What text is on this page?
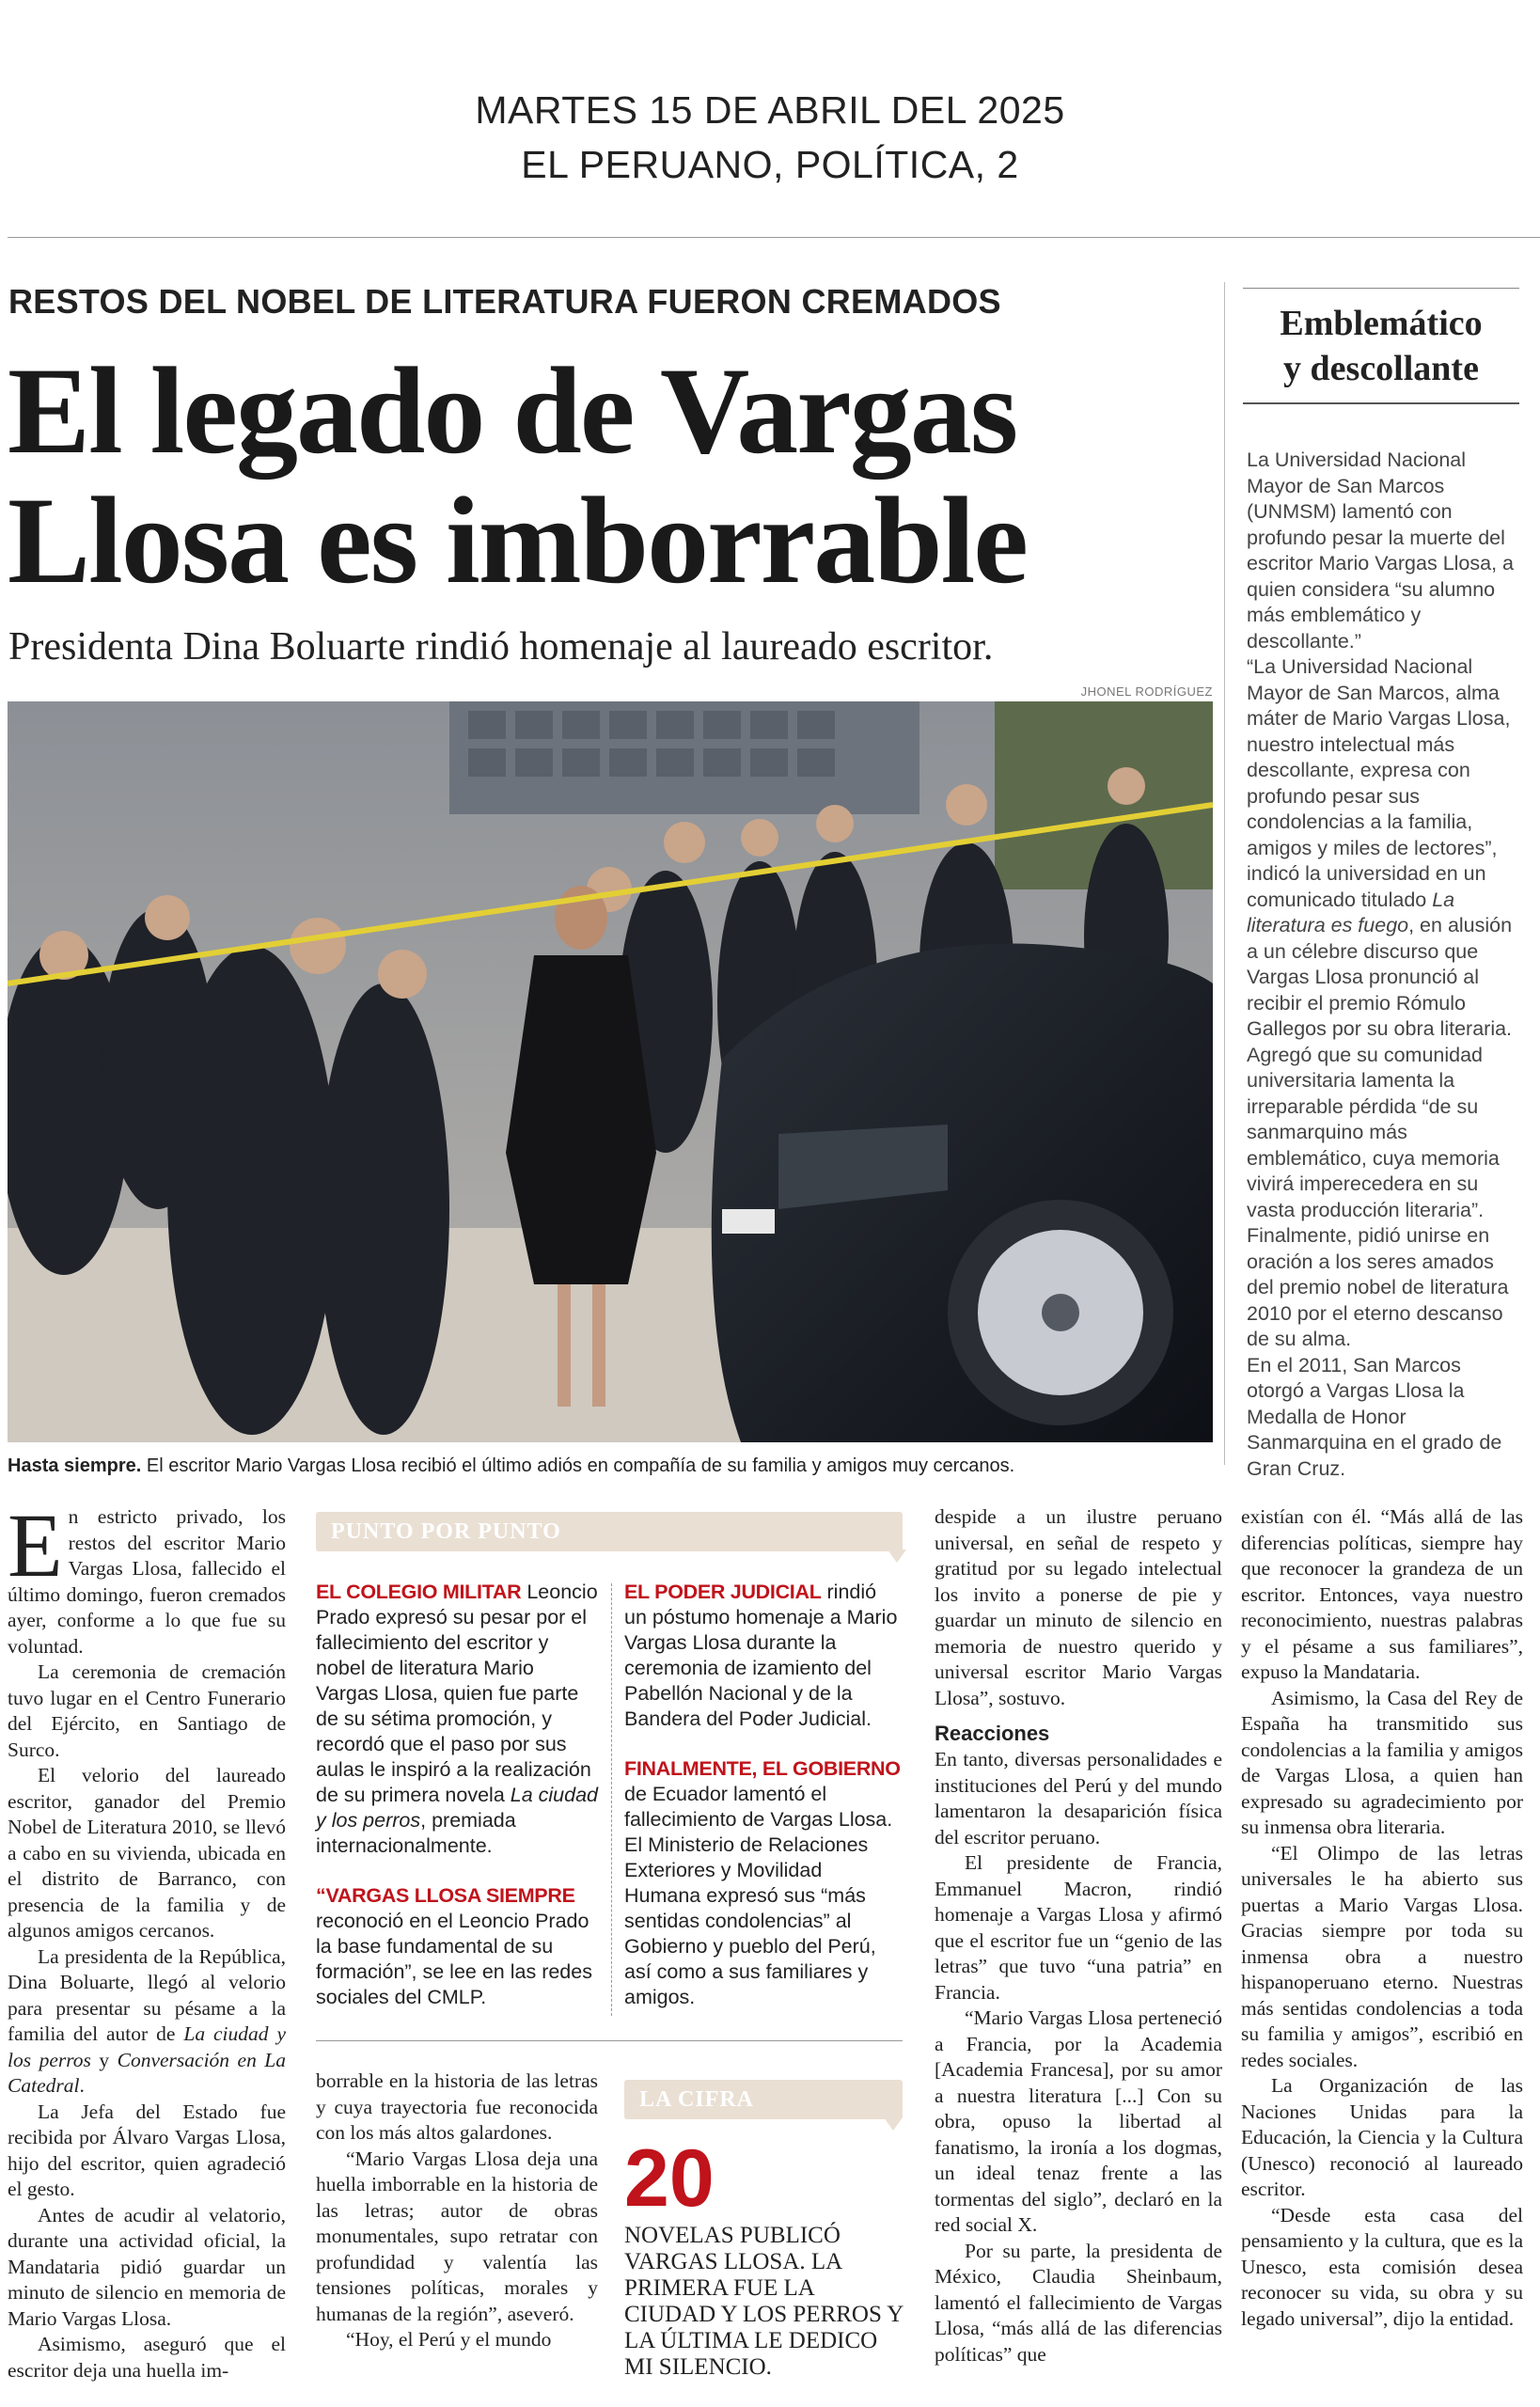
MARTES 15 DE ABRIL DEL 2025
EL PERUANO, POLÍTICA, 2
RESTOS DEL NOBEL DE LITERATURA FUERON CREMADOS
El legado de Vargas
Llosa es imborrable
Presidenta Dina Boluarte rindió homenaje al laureado escritor.
JHONEL RODRÍGUEZ
Hasta siempre. El escritor Mario Vargas Llosa recibió el último adiós en compañía de su familia y amigos muy cercanos.
Emblemático
y descollante

La Universidad Nacional Mayor de San Marcos (UNMSM) lamentó con profundo pesar la muerte del escritor Mario Vargas Llosa, a quien considera “su alumno más emblemático y descollante.”

“La Universidad Nacional Mayor de San Marcos, alma máter de Mario Vargas Llosa, nuestro intelectual más descollante, expresa con profundo pesar sus condolencias a la familia, amigos y miles de lectores”, indicó la universidad en un comunicado titulado La literatura es fuego, en alusión a un célebre discurso que Vargas Llosa pronunció al recibir el premio Rómulo Gallegos por su obra literaria.

Agregó que su comunidad universitaria lamenta la irreparable pérdida “de su sanmarquino más emblemático, cuya memoria vivirá imperecedera en su vasta producción literaria”.

Finalmente, pidió unirse en oración a los seres amados del premio nobel de literatura 2010 por el eterno descanso de su alma.

En el 2011, San Marcos otorgó a Vargas Llosa la Medalla de Honor Sanmarquina en el grado de Gran Cruz.

En estricto privado, los restos del escritor Mario Vargas Llosa, fallecido el último domingo, fueron cremados ayer, conforme a lo que fue su voluntad.

La ceremonia de cremación tuvo lugar en el Centro Funerario del Ejército, en Santiago de Surco.

El velorio del laureado escritor, ganador del Premio Nobel de Literatura 2010, se llevó a cabo en su vivienda, ubicada en el distrito de Barranco, con presencia de la familia y de algunos amigos cercanos.

La presidenta de la República, Dina Boluarte, llegó al velorio para presentar su pésame a la familia del autor de La ciudad y los perros y Conversación en La Catedral.

La Jefa del Estado fue recibida por Álvaro Vargas Llosa, hijo del escritor, quien agradeció el gesto.

Antes de acudir al velatorio, durante una actividad oficial, la Mandataria pidió guardar un minuto de silencio en memoria de Mario Vargas Llosa.

Asimismo, aseguró que el escritor deja una huella im-

PUNTO POR PUNTO

EL COLEGIO MILITAR Leoncio Prado expresó su pesar por el fallecimiento del escritor y nobel de literatura Mario Vargas Llosa, quien fue parte de su sétima promoción, y recordó que el paso por sus aulas le inspiró a la realización de su primera novela La ciudad y los perros, premiada internacionalmente.

“VARGAS LLOSA SIEMPRE reconoció en el Leoncio Prado la base fundamental de su formación”, se lee en las redes sociales del CMLP.

EL PODER JUDICIAL rindió un póstumo homenaje a Mario Vargas Llosa durante la ceremonia de izamiento del Pabellón Nacional y de la Bandera del Poder Judicial.

FINALMENTE, EL GOBIERNO de Ecuador lamentó el fallecimiento de Vargas Llosa. El Ministerio de Relaciones Exteriores y Movilidad Humana expresó sus “más sentidas condolencias” al Gobierno y pueblo del Perú, así como a sus familiares y amigos.

borrable en la historia de las letras y cuya trayectoria fue reconocida con los más altos galardones.

“Mario Vargas Llosa deja una huella imborrable en la historia de las letras; autor de obras monumentales, supo retratar con profundidad y valentía las tensiones políticas, morales y humanas de la región”, aseveró.

“Hoy, el Perú y el mundo

LA CIFRA
20
NOVELAS PUBLICÓ VARGAS LLOSA. LA PRIMERA FUE LA CIUDAD Y LOS PERROS Y LA ÚLTIMA LE DEDICO MI SILENCIO.

despide a un ilustre peruano universal, en señal de respeto y gratitud por su legado intelectual los invito a ponerse de pie y guardar un minuto de silencio en memoria de nuestro querido y universal escritor Mario Vargas Llosa”, sostuvo.

Reacciones

En tanto, diversas personalidades e instituciones del Perú y del mundo lamentaron la desaparición física del escritor peruano.

El presidente de Francia, Emmanuel Macron, rindió homenaje a Vargas Llosa y afirmó que el escritor fue un “genio de las letras” que tuvo “una patria” en Francia.

“Mario Vargas Llosa perteneció a Francia, por la Academia [Academia Francesa], por su amor a nuestra literatura [...] Con su obra, opuso la libertad al fanatismo, la ironía a los dogmas, un ideal tenaz frente a las tormentas del siglo”, declaró en la red social X.

Por su parte, la presidenta de México, Claudia Sheinbaum, lamentó el fallecimiento de Vargas Llosa, “más allá de las diferencias políticas” que

existían con él. “Más allá de las diferencias políticas, siempre hay que reconocer la grandeza de un escritor. Entonces, vaya nuestro reconocimiento, nuestras palabras y el pésame a sus familiares”, expuso la Mandataria.

Asimismo, la Casa del Rey de España ha transmitido sus condolencias a la familia y amigos de Vargas Llosa, a quien han expresado su agradecimiento por su inmensa obra literaria.

“El Olimpo de las letras universales le ha abierto sus puertas a Mario Vargas Llosa. Gracias siempre por toda su inmensa obra a nuestro hispanoperuano eterno. Nuestras más sentidas condolencias a toda su familia y amigos”, escribió en redes sociales.

La Organización de las Naciones Unidas para la Educación, la Ciencia y la Cultura (Unesco) reconoció al laureado escritor.

“Desde esta casa del pensamiento y la cultura, que es la Unesco, esta comisión desea reconocer su vida, su obra y su legado universal”, dijo la entidad.
